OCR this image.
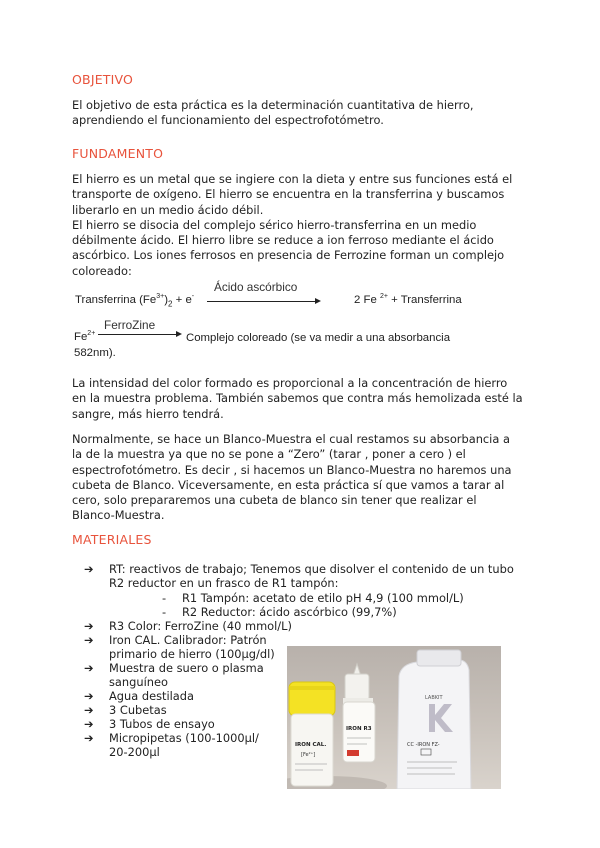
OBJETIVO
El objetivo de esta práctica es la determinación cuantitativa de hierro,
aprendiendo el funcionamiento del espectrofotómetro.
FUNDAMENTO
El hierro es un metal que se ingiere con la dieta y entre sus funciones está el
transporte de oxígeno. El hierro se encuentra en la transferrina y buscamos
liberarlo en un medio ácido débil.
El hierro se disocia del complejo sérico hierro-transferrina en un medio
débilmente ácido. El hierro libre se reduce a ion ferroso mediante el ácido
ascórbico. Los iones ferrosos en presencia de Ferrozine forman un complejo
coloreado:
Ácido ascórbico
Transferrina $(Fe^{3+})_2 + e^-$	2 Fe $^{2+}$ + Transferrina
FerroZine
$Fe^{2+}$	Complejo coloreado (se va medir a una absorbancia
582nm).
La intensidad del color formado es proporcional a la concentración de hierro
en la muestra problema. También sabemos que contra más hemolizada esté la
sangre, más hierro tendrá.
Normalmente, se hace un Blanco-Muestra el cual restamos su absorbancia a
la de la muestra ya que no se pone a “Zero” (tarar , poner a cero ) el
espectrofotómetro. Es decir , si hacemos un Blanco-Muestra no haremos una
cubeta de Blanco. Viceversamente, en esta práctica sí que vamos a tarar al
cero, solo prepararemos una cubeta de blanco sin tener que realizar el
Blanco-Muestra.
MATERIALES
➔ RT: reactivos de trabajo; Tenemos que disolver el contenido de un tubo
R2 reductor en un frasco de R1 tampón:
- R1 Tampón: acetato de etilo pH 4,9 (100 mmol/L)
- R2 Reductor: ácido ascórbico (99,7%)
➔ R3 Color: FerroZine (40 mmol/L)
➔ Iron CAL. Calibrador: Patrón
primario de hierro (100µg/dl)
➔ Muestra de suero o plasma
sanguíneo
➔ Agua destilada
➔ 3 Cubetas
➔ 3 Tubos de ensayo
➔ Micropipetas (100-1000µl/
20-200µl
LABKIT
CC -IRON FZ-
IRON CAL.
[Fe²⁺]
IRON R3
